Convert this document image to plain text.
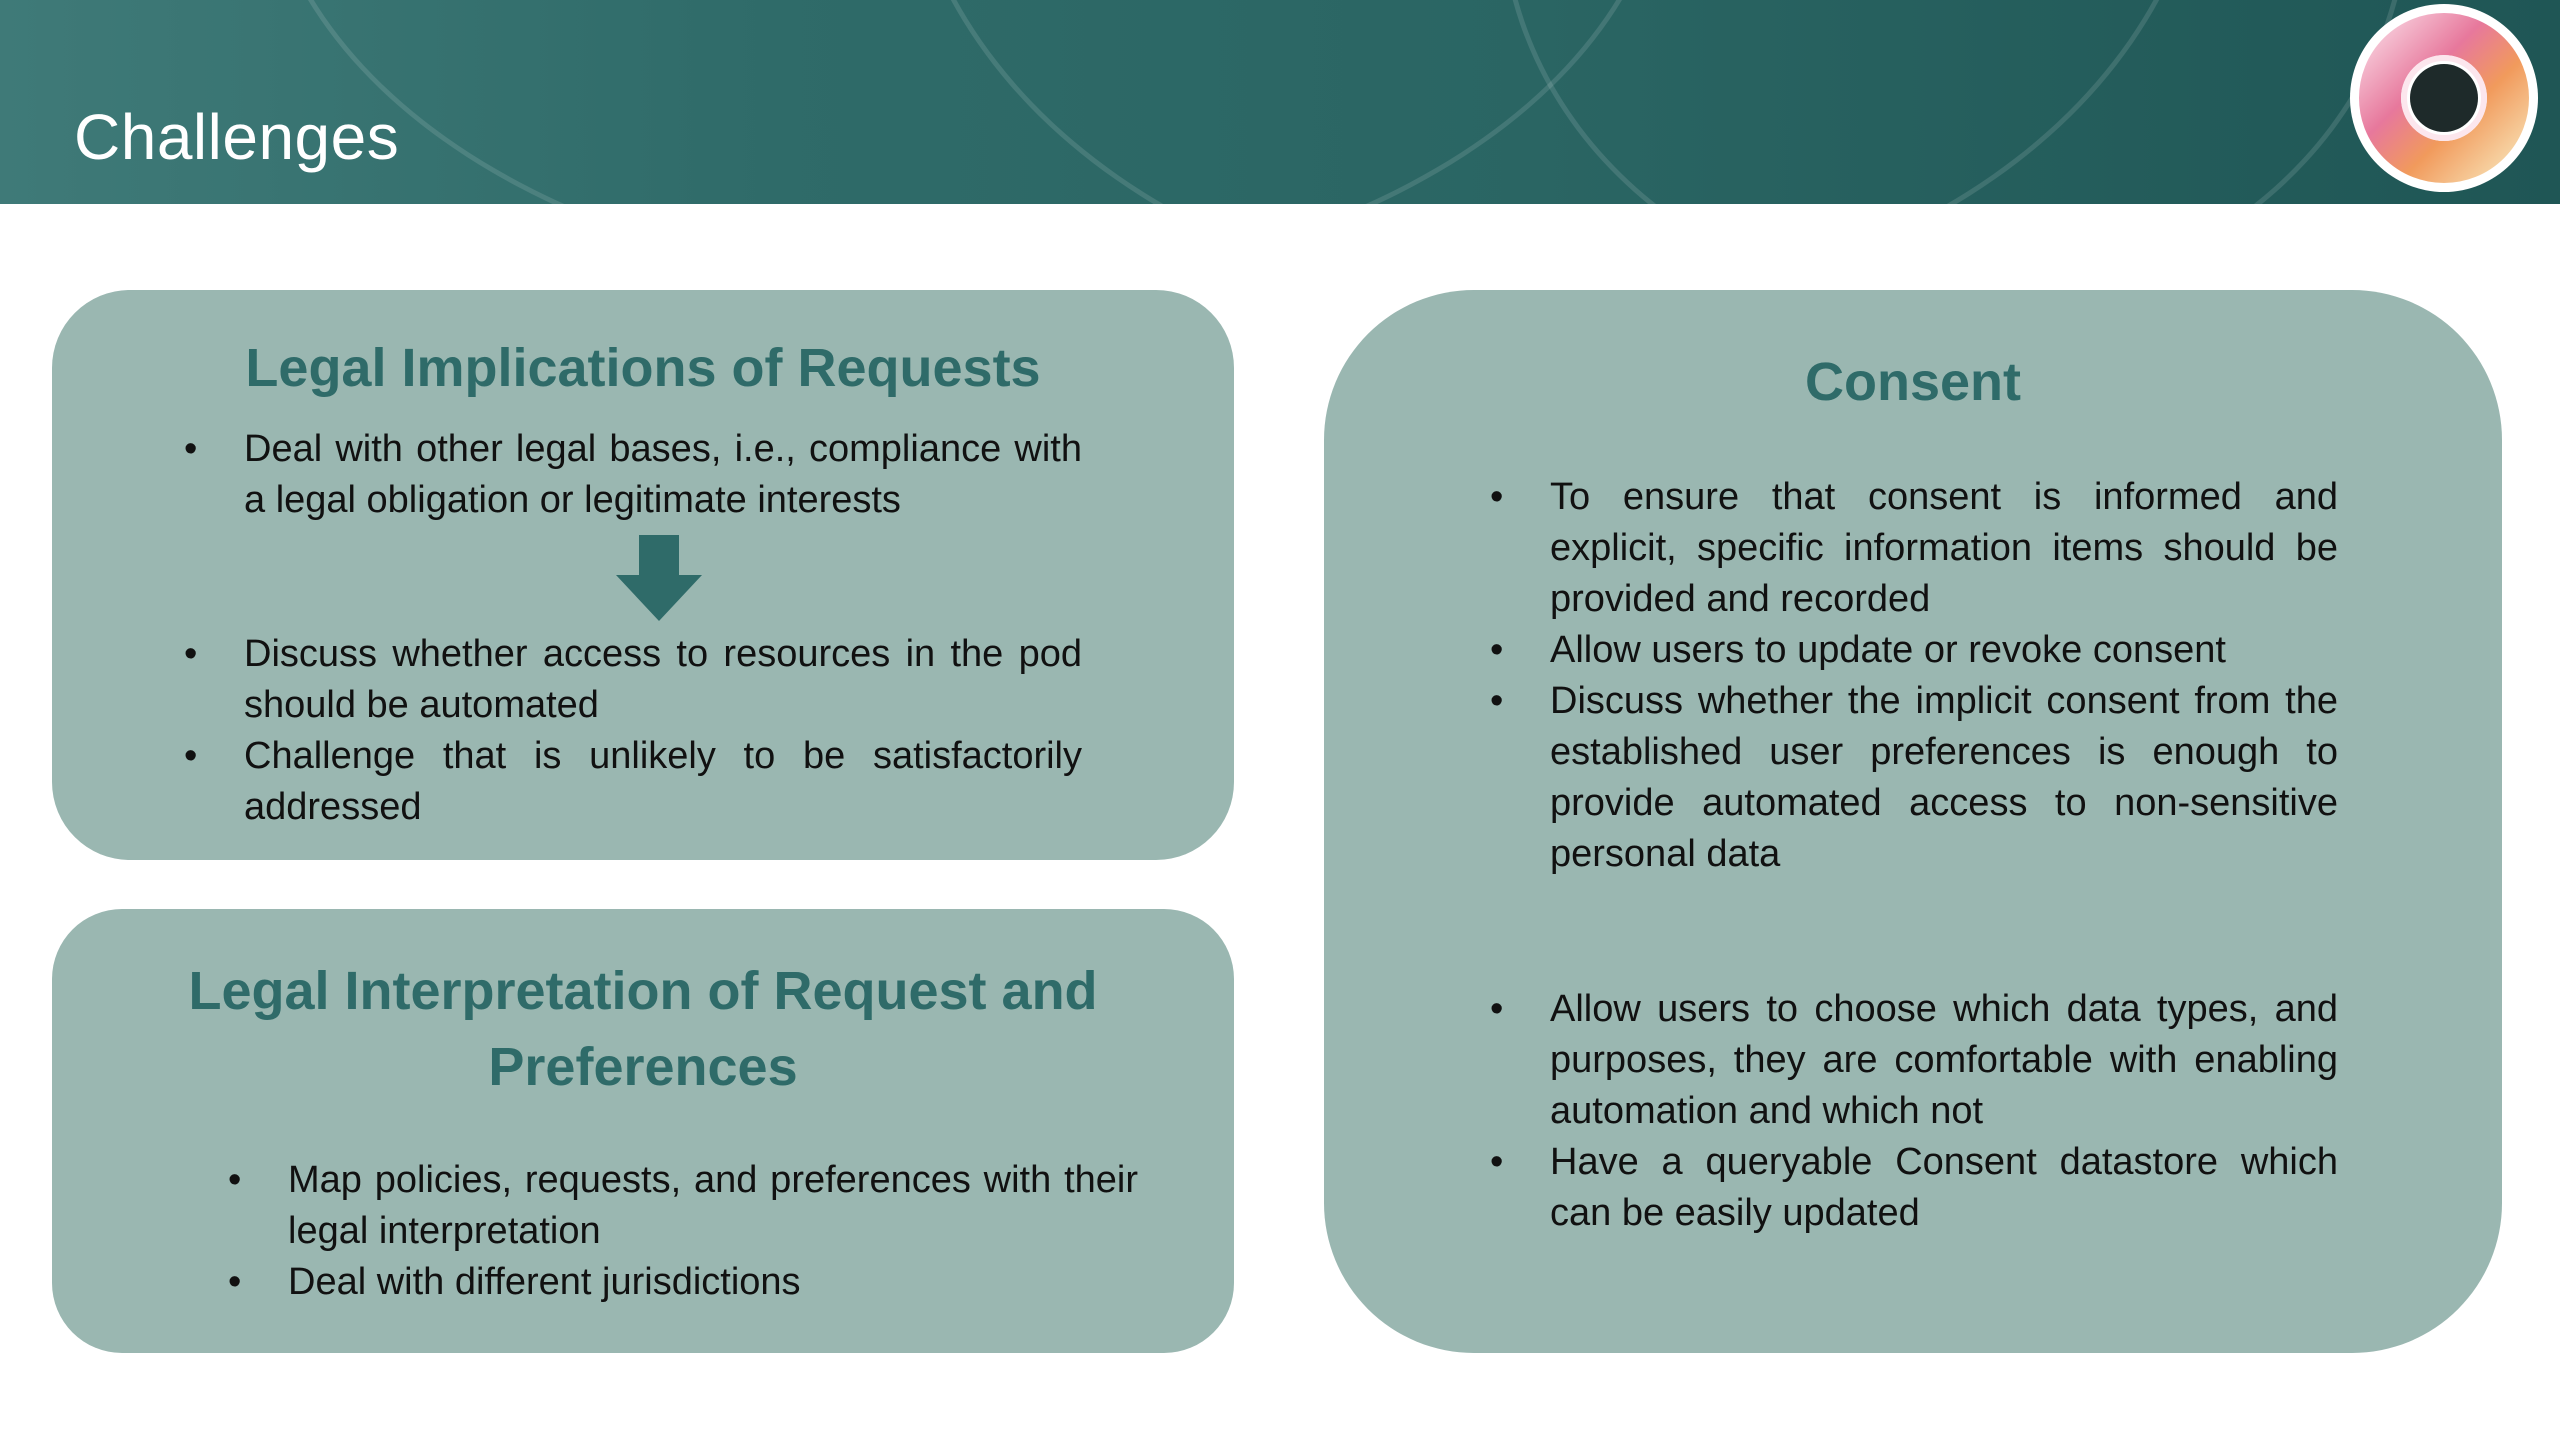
Challenges
Legal Implications of Requests
• Deal with other legal bases, i.e., compliance with a legal obligation or legitimate interests
• Discuss whether access to resources in the pod should be automated
• Challenge that is unlikely to be satisfactorily addressed
Legal Interpretation of Request and
Preferences
• Map policies, requests, and preferences with their legal interpretation
• Deal with different jurisdictions
Consent
• To ensure that consent is informed and explicit, specific information items should be provided and recorded
• Allow users to update or revoke consent
• Discuss whether the implicit consent from the established user preferences is enough to provide automated access to non-sensitive personal data
• Allow users to choose which data types, and purposes, they are comfortable with enabling automation and which not
• Have a queryable Consent datastore which can be easily updated
